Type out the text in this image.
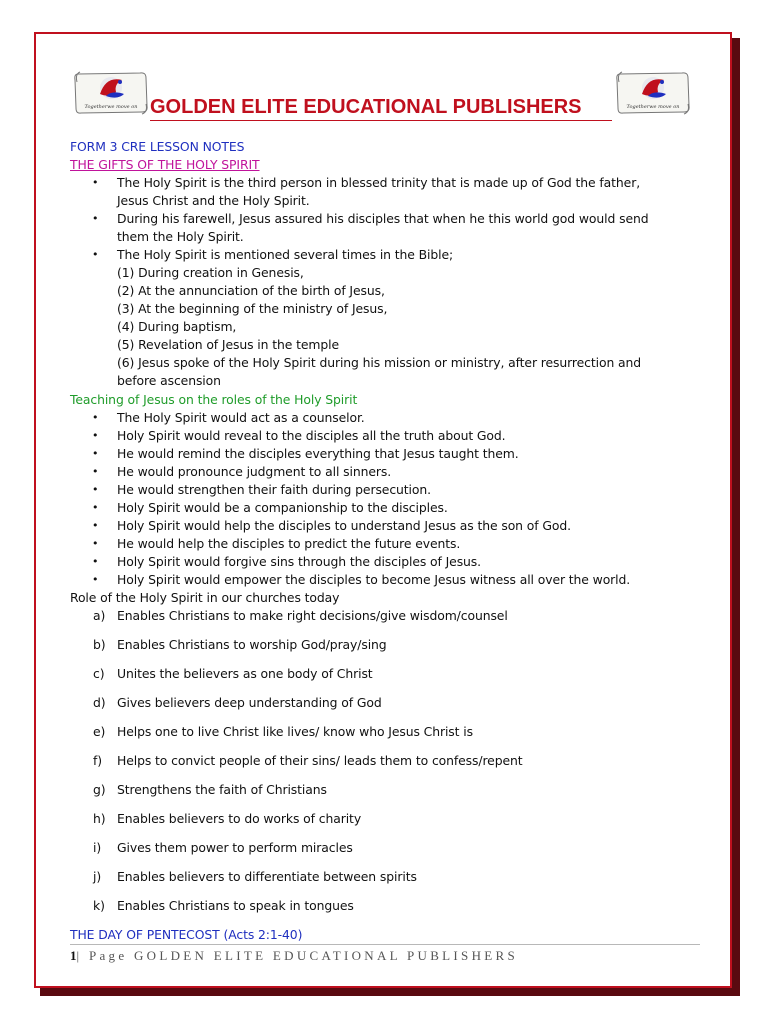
Togetherwe move on	Togetherwe move on
GOLDEN ELITE EDUCATIONAL PUBLISHERS
FORM 3 CRE LESSON NOTES
THE GIFTS OF THE HOLY SPIRIT
• The Holy Spirit is the third person in blessed trinity that is made up of God the father,
Jesus Christ and the Holy Spirit.
• During his farewell, Jesus assured his disciples that when he this world god would send
them the Holy Spirit.
• The Holy Spirit is mentioned several times in the Bible;
(1) During creation in Genesis,
(2) At the annunciation of the birth of Jesus,
(3) At the beginning of the ministry of Jesus,
(4) During baptism,
(5) Revelation of Jesus in the temple
(6) Jesus spoke of the Holy Spirit during his mission or ministry, after resurrection and
before ascension
Teaching of Jesus on the roles of the Holy Spirit
• The Holy Spirit would act as a counselor.
• Holy Spirit would reveal to the disciples all the truth about God.
• He would remind the disciples everything that Jesus taught them.
• He would pronounce judgment to all sinners.
• He would strengthen their faith during persecution.
• Holy Spirit would be a companionship to the disciples.
• Holy Spirit would help the disciples to understand Jesus as the son of God.
• He would help the disciples to predict the future events.
• Holy Spirit would forgive sins through the disciples of Jesus.
• Holy Spirit would empower the disciples to become Jesus witness all over the world.
Role of the Holy Spirit in our churches today
a) Enables Christians to make right decisions/give wisdom/counsel
b) Enables Christians to worship God/pray/sing
c) Unites the believers as one body of Christ
d) Gives believers deep understanding of God
e) Helps one to live Christ like lives/ know who Jesus Christ is
f) Helps to convict people of their sins/ leads them to confess/repent
g) Strengthens the faith of Christians
h) Enables believers to do works of charity
i) Gives them power to perform miracles
j) Enables believers to differentiate between spirits
k) Enables Christians to speak in tongues
THE DAY OF PENTECOST (Acts 2:1-40)
1| Page GOLDEN ELITE EDUCATIONAL PUBLISHERS
